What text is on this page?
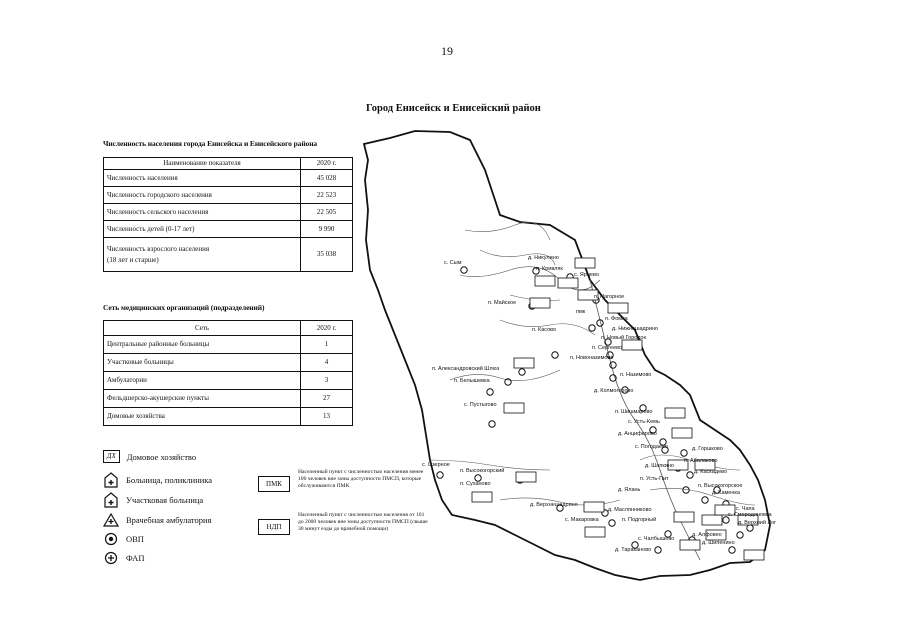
19
Город Енисейск и Енисейский район
Численность населения города Енисейска и Енисейского района
Наименование показателя	2020 г.
Численность населения	45 028
Численность городского населения	22 523
Численность сельского населения	22 505
Численность детей (0-17 лет)	9 990
Численность взрослого населения
(18 лет и старше)	35 038
Сеть медицинских организаций (подразделений)
Сеть	2020 г.
Центральные районные больницы	1
Участковые больницы	4
Амбулатории	3
Фельдшерско-акушерские пункты	27
Домовые хозяйства	13
ДХ	Домовое хозяйство
Больница, поликлиника
Участковая больница
Врачебная амбулатория
ОВП
ФАП
ПМК
Населенный пункт с численностью населения менее 100 человек вне зоны доступности ПМСП, которые обслуживаются ПМК
НДП
Населенный пункт с численностью населения от 101 до 2000 человек вне зоны доступности ПМСП (свыше 30 минут езды до врачебной помощи)
с. Сым
д. Никулино
п. Кривляк
с. Ярцево
п. Майское
п. Нагорное
п. Фомка
пмк
д. Нижнешадрино
п. Касово
п. Новый Городок
п. Сергеево
п. Новоназимово
п. Александровский Шлюз
п. Назимово
п. Белышевка
д. Колмогорово
с. Пустыгово
п. Шишмарево
с. Усть-Кемь
д. Анциферово
с. Погодаево	д. Горшково
д. Шапкино
п. Абалаково
д. Каскадево
п. Усть-Пит
д. Ялань	д. Каменка
с. Озерное
п. Высокогорский
п. Суханово
д. Верхнешадрино
д. Маслянниково
п. Подгорный
с. Чалбышево
с. Смородиновка
д. Верхний Лог
с. Чапа
д. Шипенино
д. Тараканово
с. Макаровка
д. Алфовео
п. Высокогорское
